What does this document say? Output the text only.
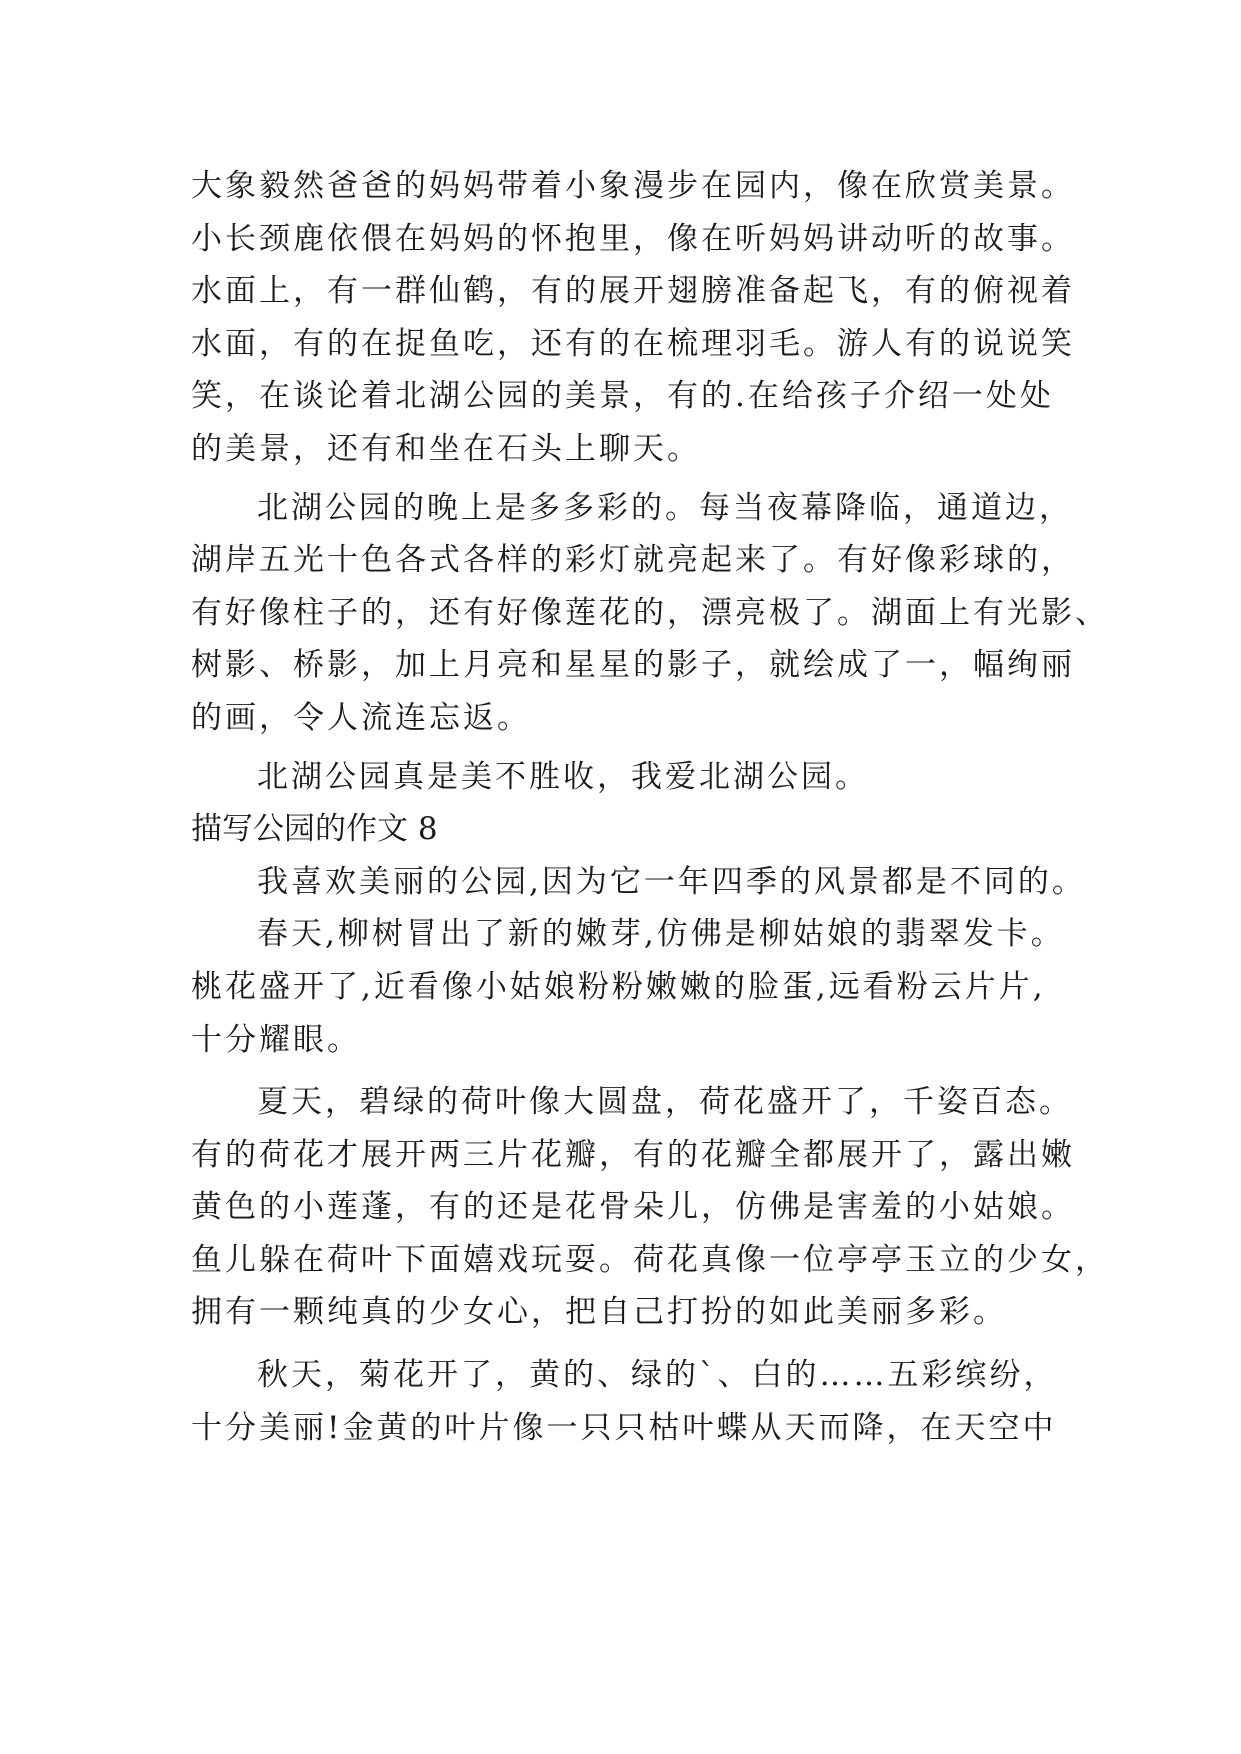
大象毅然爸爸的妈妈带着小象漫步在园内，像在欣赏美景。
小长颈鹿依偎在妈妈的怀抱里，像在听妈妈讲动听的故事。
水面上，有一群仙鹤，有的展开翅膀准备起飞，有的俯视着
水面，有的在捉鱼吃，还有的在梳理羽毛。游人有的说说笑
笑，在谈论着北湖公园的美景，有的.在给孩子介绍一处处
的美景，还有和坐在石头上聊天。
北湖公园的晚上是多多彩的。每当夜幕降临，通道边，
湖岸五光十色各式各样的彩灯就亮起来了。有好像彩球的，
有好像柱子的，还有好像莲花的，漂亮极了。湖面上有光影、
树影、桥影，加上月亮和星星的影子，就绘成了一，幅绚丽
的画，令人流连忘返。
北湖公园真是美不胜收，我爱北湖公园。
描写公园的作文 8
我喜欢美丽的公园,因为它一年四季的风景都是不同的。
春天,柳树冒出了新的嫩芽,仿佛是柳姑娘的翡翠发卡。
桃花盛开了,近看像小姑娘粉粉嫩嫩的脸蛋,远看粉云片片,
十分耀眼。
夏天，碧绿的荷叶像大圆盘，荷花盛开了，千姿百态。
有的荷花才展开两三片花瓣，有的花瓣全都展开了，露出嫩
黄色的小莲蓬，有的还是花骨朵儿，仿佛是害羞的小姑娘。
鱼儿躲在荷叶下面嬉戏玩耍。荷花真像一位亭亭玉立的少女，
拥有一颗纯真的少女心，把自己打扮的如此美丽多彩。
秋天，菊花开了，黄的、绿的`、白的……五彩缤纷，
十分美丽!金黄的叶片像一只只枯叶蝶从天而降，在天空中
